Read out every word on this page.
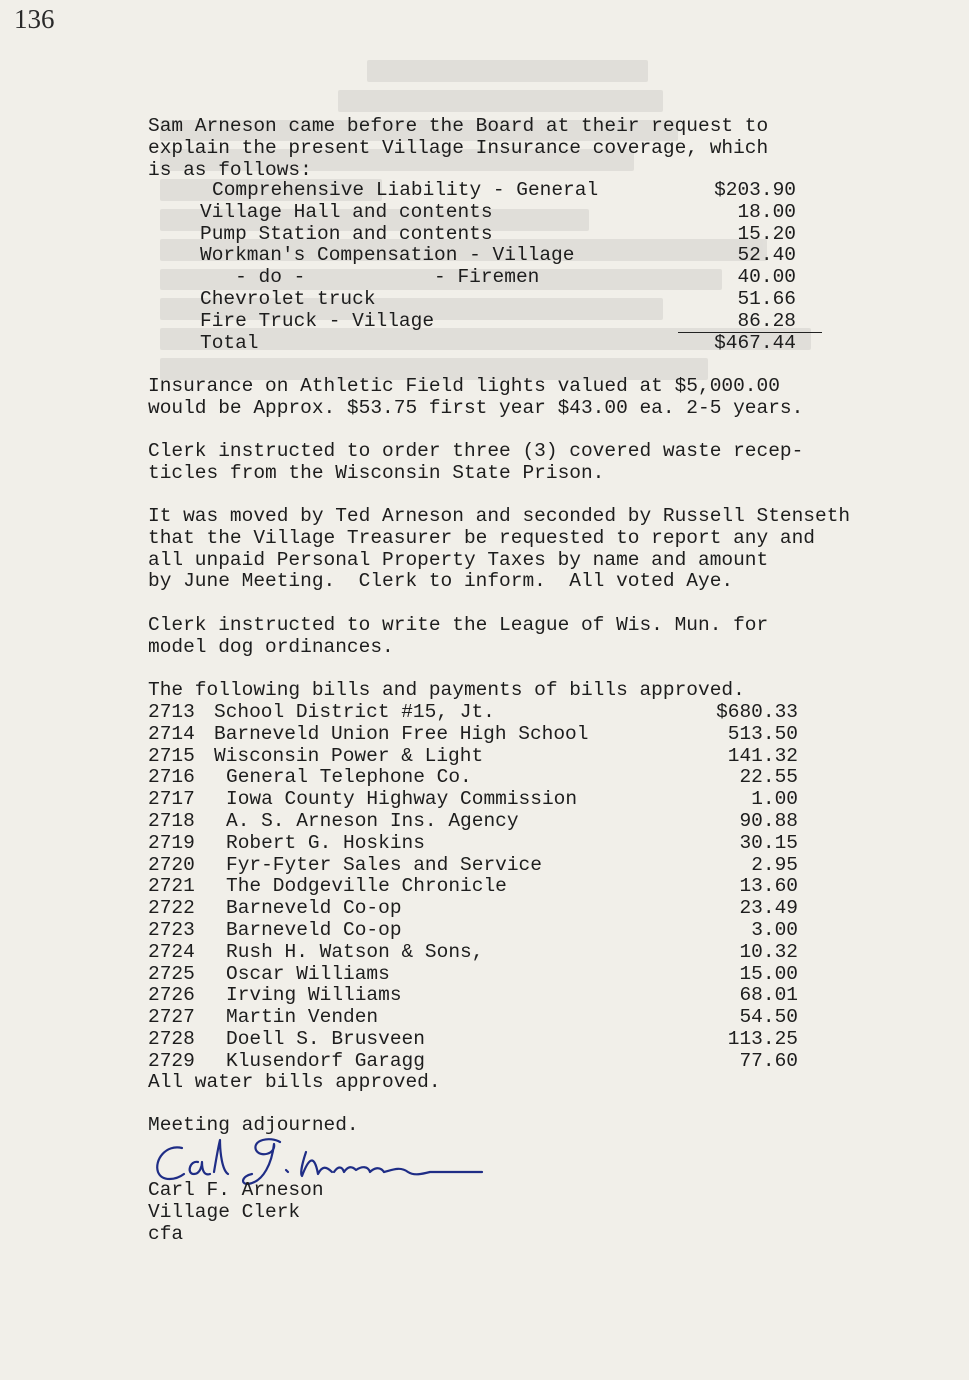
136
Sam Arneson came before the Board at their request to
explain the present Village Insurance coverage, which
is as follows:
Comprehensive Liability - General	$203.90
Village Hall and contents	18.00
Pump Station and contents	15.20
Workman's Compensation - Village	52.40
- do -           - Firemen	40.00
Chevrolet truck	51.66
Fire Truck - Village	86.28
Total	$467.44
Insurance on Athletic Field lights valued at $5,000.00
would be Approx. $53.75 first year $43.00 ea. 2-5 years.
Clerk instructed to order three (3) covered waste recep-
ticles from the Wisconsin State Prison.
It was moved by Ted Arneson and seconded by Russell Stenseth
that the Village Treasurer be requested to report any and
all unpaid Personal Property Taxes by name and amount
by June Meeting.  Clerk to inform.  All voted Aye.
Clerk instructed to write the League of Wis. Mun. for
model dog ordinances.
The following bills and payments of bills approved.
2713 School District #15, Jt.	$680.33
2714 Barneveld Union Free High School	513.50
2715 Wisconsin Power & Light	141.32
2716 General Telephone Co.	22.55
2717 Iowa County Highway Commission	1.00
2718 A. S. Arneson Ins. Agency	90.88
2719 Robert G. Hoskins	30.15
2720 Fyr-Fyter Sales and Service	2.95
2721 The Dodgeville Chronicle	13.60
2722 Barneveld Co-op	23.49
2723 Barneveld Co-op	3.00
2724 Rush H. Watson & Sons,	10.32
2725 Oscar Williams	15.00
2726 Irving Williams	68.01
2727 Martin Venden	54.50
2728 Doell S. Brusveen	113.25
2729 Klusendorf Garagg	77.60
All water bills approved.
Meeting adjourned.
Carl F. Arneson
Carl F. Arneson
Village Clerk
cfa
